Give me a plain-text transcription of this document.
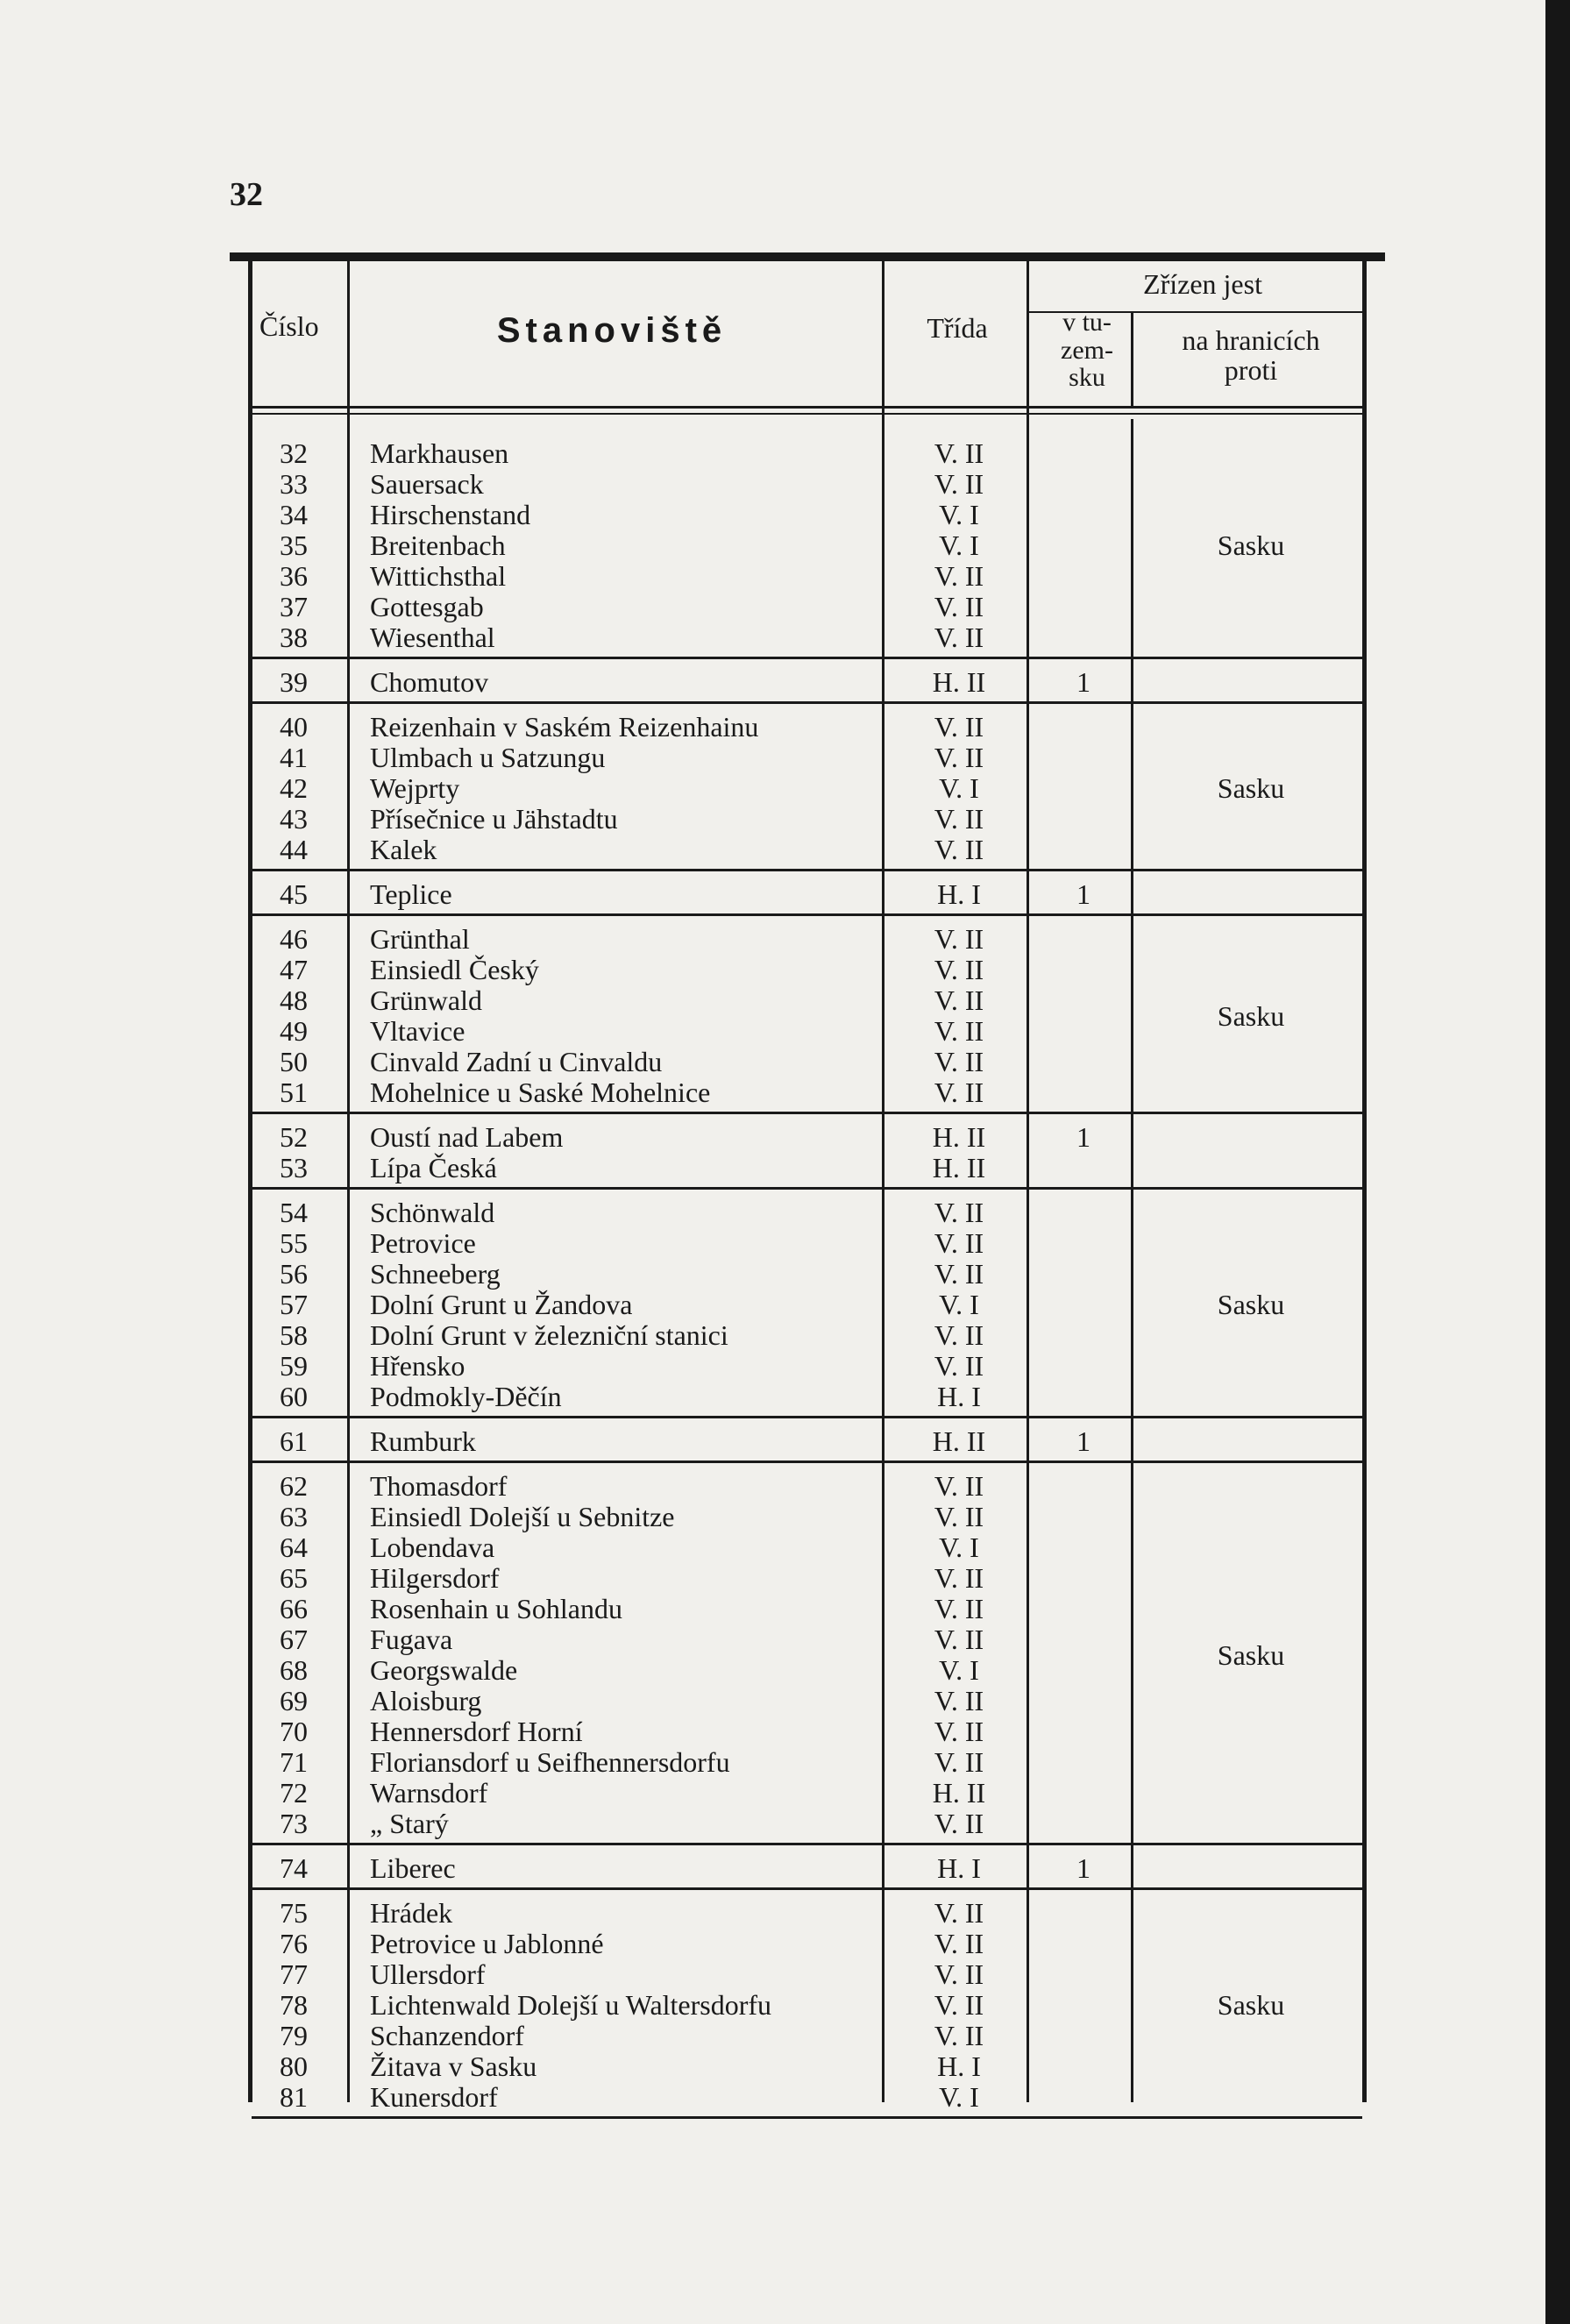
32
Číslo	Stanoviště	Třída
Zřízen jest
v tu-
zem-
sku
na hranicích
proti
32	Markhausen	V. II
33	Sauersack	V. II
34	Hirschenstand	V. I
35	Breitenbach	V. I
36	Wittichsthal	V. II
37	Gottesgab	V. II
38	Wiesenthal	V. II
Sasku
39	Chomutov	H. II	1
40	Reizenhain v Saském Reizenhainu	V. II
41	Ulmbach u Satzungu	V. II
42	Wejprty	V. I
43	Přísečnice u Jähstadtu	V. II
44	Kalek	V. II
Sasku
45	Teplice	H. I	1
46	Grünthal	V. II
47	Einsiedl Český	V. II
48	Grünwald	V. II
49	Vltavice	V. II
50	Cinvald Zadní u Cinvaldu	V. II
51	Mohelnice u Saské Mohelnice	V. II
Sasku
52	Oustí nad Labem	H. II	1
53	Lípa Česká	H. II
54	Schönwald	V. II
55	Petrovice	V. II
56	Schneeberg	V. II
57	Dolní Grunt u Žandova	V. I
58	Dolní Grunt v železniční stanici	V. II
59	Hřensko	V. II
60	Podmokly-Děčín	H. I
Sasku
61	Rumburk	H. II	1
62	Thomasdorf	V. II
63	Einsiedl Dolejší u Sebnitze	V. II
64	Lobendava	V. I
65	Hilgersdorf	V. II
66	Rosenhain u Sohlandu	V. II
67	Fugava	V. II
68	Georgswalde	V. I
69	Aloisburg	V. II
70	Hennersdorf Horní	V. II
71	Floriansdorf u Seifhennersdorfu	V. II
72	Warnsdorf	H. II
73	„ Starý	V. II
Sasku
74	Liberec	H. I	1
75	Hrádek	V. II
76	Petrovice u Jablonné	V. II
77	Ullersdorf	V. II
78	Lichtenwald Dolejší u Waltersdorfu	V. II
79	Schanzendorf	V. II
80	Žitava v Sasku	H. I
81	Kunersdorf	V. I
Sasku
